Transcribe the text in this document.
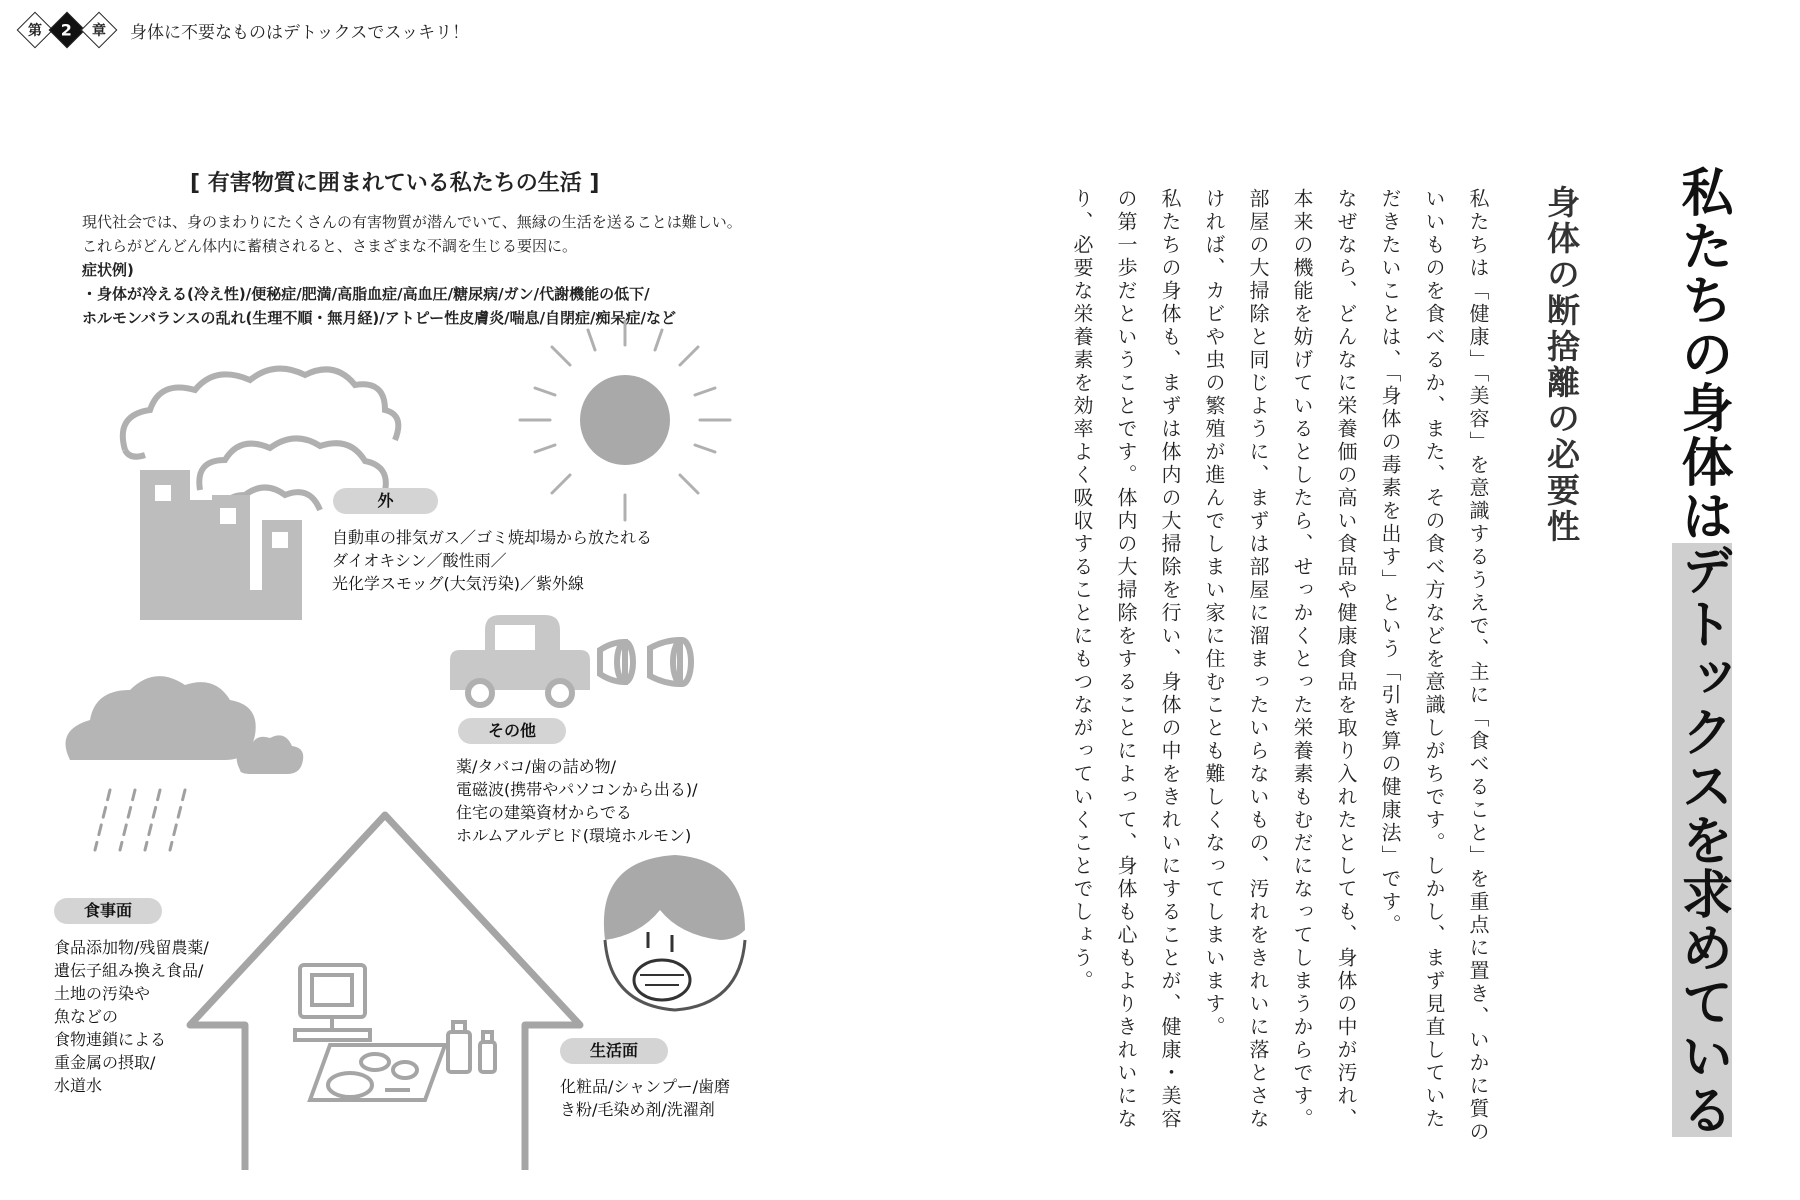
第 2 章 身体に不要なものはデトックスでスッキリ！
[ 有害物質に囲まれている私たちの生活 ]
現代社会では、身のまわりにたくさんの有害物質が潜んでいて、無縁の生活を送ることは難しい。
これらがどんどん体内に蓄積されると、さまざまな不調を生じる要因に。
症状例)
・身体が冷える(冷え性)/便秘症/肥満/高脂血症/高血圧/糖尿病/ガン/代謝機能の低下/
ホルモンバランスの乱れ(生理不順・無月経)/アトピー性皮膚炎/喘息/自閉症/痴呆症/など
外
自動車の排気ガス／ゴミ焼却場から放たれる
ダイオキシン／酸性雨／
光化学スモッグ(大気汚染)／紫外線
その他
薬/タバコ/歯の詰め物/
電磁波(携帯やパソコンから出る)/
住宅の建築資材からでる
ホルムアルデヒド(環境ホルモン)
食事面
食品添加物/残留農薬/
遺伝子組み換え食品/
土地の汚染や
魚などの
食物連鎖による
重金属の摂取/
水道水
生活面
化粧品/シャンプー/歯磨
き粉/毛染め剤/洗濯剤
私たちの身体はデトックスを求めている
身体の断捨離の必要性

私たちは「健康」「美容」を意識するうえで、主に「食べること」を重点に置き、いかに質のいいものを食べるか、また、その食べ方などを意識しがちです。しかし、まず見直していただきたいことは、「身体の毒素を出す」という「引き算の健康法」です。

なぜなら、どんなに栄養価の高い食品や健康食品を取り入れたとしても、身体の中が汚れ、本来の機能を妨げているとしたら、せっかくとった栄養素もむだになってしまうからです。

部屋の大掃除と同じように、まずは部屋に溜まったいらないもの、汚れをきれいに落とさなければ、カビや虫の繁殖が進んでしまい家に住むことも難しくなってしまいます。

私たちの身体も、まずは体内の大掃除を行い、身体の中をきれいにすることが、健康・美容の第一歩だということです。体内の大掃除をすることによって、身体も心もよりきれいになり、必要な栄養素を効率よく吸収することにもつながっていくことでしょう。
